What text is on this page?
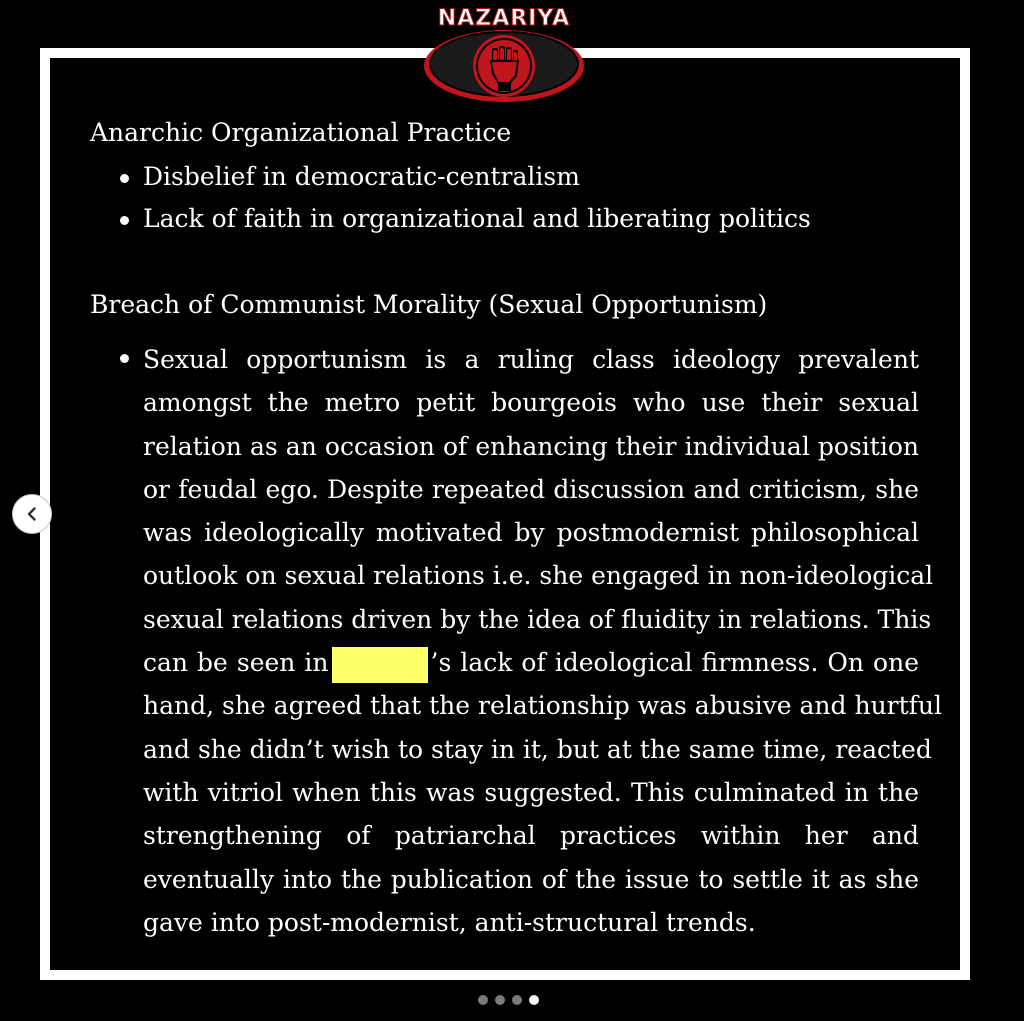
NAZARIYA
Anarchic Organizational Practice
Disbelief in democratic-centralism
Lack of faith in organizational and liberating politics
Breach of Communist Morality (Sexual Opportunism)
Sexual opportunism is a ruling class ideology prevalent
amongst the metro petit bourgeois who use their sexual
relation as an occasion of enhancing their individual position
or feudal ego. Despite repeated discussion and criticism, she
was ideologically motivated by postmodernist philosophical
outlook on sexual relations i.e. she engaged in non-ideological
sexual relations driven by the idea of fluidity in relations. This
can be seen in	’s lack of ideological firmness. On one
hand, she agreed that the relationship was abusive and hurtful
and she didn’t wish to stay in it, but at the same time, reacted
with vitriol when this was suggested. This culminated in the
strengthening of patriarchal practices within her and
eventually into the publication of the issue to settle it as she
gave into post-modernist, anti-structural trends.
